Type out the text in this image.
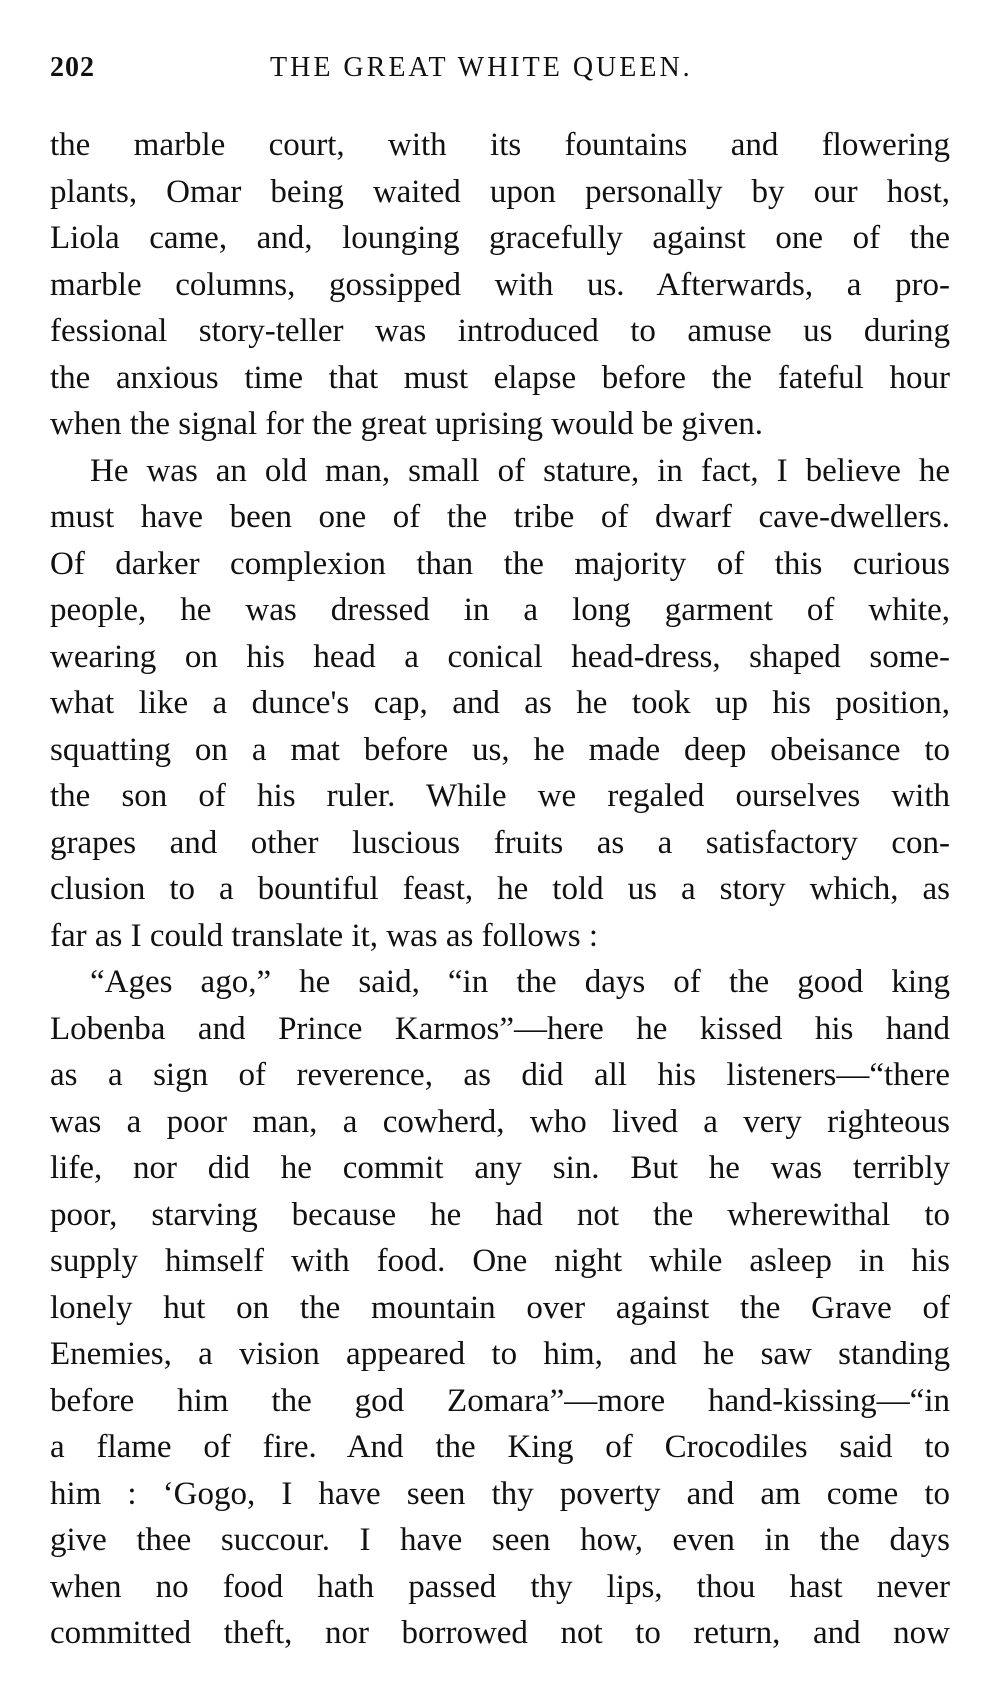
202	THE GREAT WHITE QUEEN.
the marble court, with its fountains and flowering
plants, Omar being waited upon personally by our host,
Liola came, and, lounging gracefully against one of the
marble columns, gossipped with us. Afterwards, a pro-
fessional story-teller was introduced to amuse us during
the anxious time that must elapse before the fateful hour
when the signal for the great uprising would be given.
He was an old man, small of stature, in fact, I believe he
must have been one of the tribe of dwarf cave-dwellers.
Of darker complexion than the majority of this curious
people, he was dressed in a long garment of white,
wearing on his head a conical head-dress, shaped some-
what like a dunce's cap, and as he took up his position,
squatting on a mat before us, he made deep obeisance to
the son of his ruler. While we regaled ourselves with
grapes and other luscious fruits as a satisfactory con-
clusion to a bountiful feast, he told us a story which, as
far as I could translate it, was as follows :
“Ages ago,” he said, “in the days of the good king
Lobenba and Prince Karmos”—here he kissed his hand
as a sign of reverence, as did all his listeners—“there
was a poor man, a cowherd, who lived a very righteous
life, nor did he commit any sin. But he was terribly
poor, starving because he had not the wherewithal to
supply himself with food. One night while asleep in his
lonely hut on the mountain over against the Grave of
Enemies, a vision appeared to him, and he saw standing
before him the god Zomara”—more hand-kissing—“in
a flame of fire. And the King of Crocodiles said to
him : ‘Gogo, I have seen thy poverty and am come to
give thee succour. I have seen how, even in the days
when no food hath passed thy lips, thou hast never
committed theft, nor borrowed not to return, and now
